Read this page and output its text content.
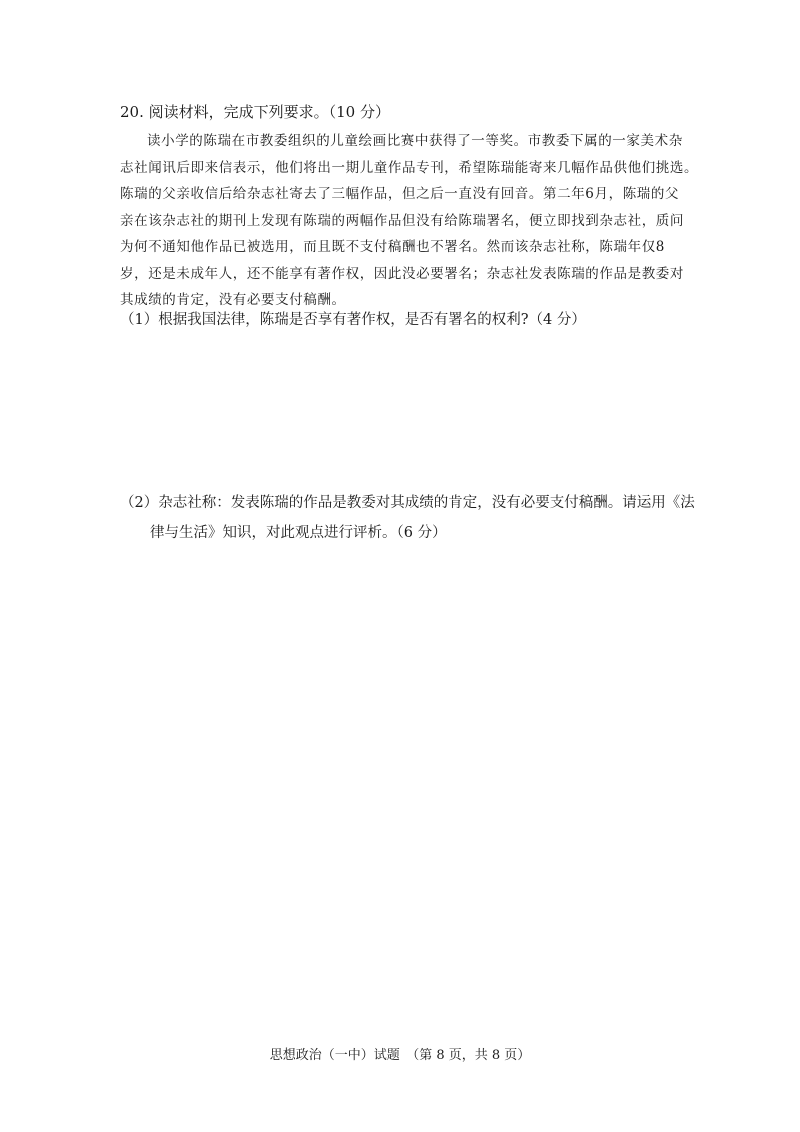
20. 阅读材料，完成下列要求。（10 分）
读小学的陈瑞在市教委组织的儿童绘画比赛中获得了一等奖。市教委下属的一家美术杂
志社闻讯后即来信表示，他们将出一期儿童作品专刊，希望陈瑞能寄来几幅作品供他们挑选。
陈瑞的父亲收信后给杂志社寄去了三幅作品，但之后一直没有回音。第二年6月，陈瑞的父
亲在该杂志社的期刊上发现有陈瑞的两幅作品但没有给陈瑞署名，便立即找到杂志社，质问
为何不通知他作品已被选用，而且既不支付稿酬也不署名。然而该杂志社称，陈瑞年仅8
岁，还是未成年人，还不能享有著作权，因此没必要署名；杂志社发表陈瑞的作品是教委对
其成绩的肯定，没有必要支付稿酬。
（1）根据我国法律，陈瑞是否享有著作权，是否有署名的权利?（4 分）
（2）杂志社称：发表陈瑞的作品是教委对其成绩的肯定，没有必要支付稿酬。请运用《法
律与生活》知识，对此观点进行评析。（6 分）
思想政治（一中）试题　（第 8 页，共 8 页）
